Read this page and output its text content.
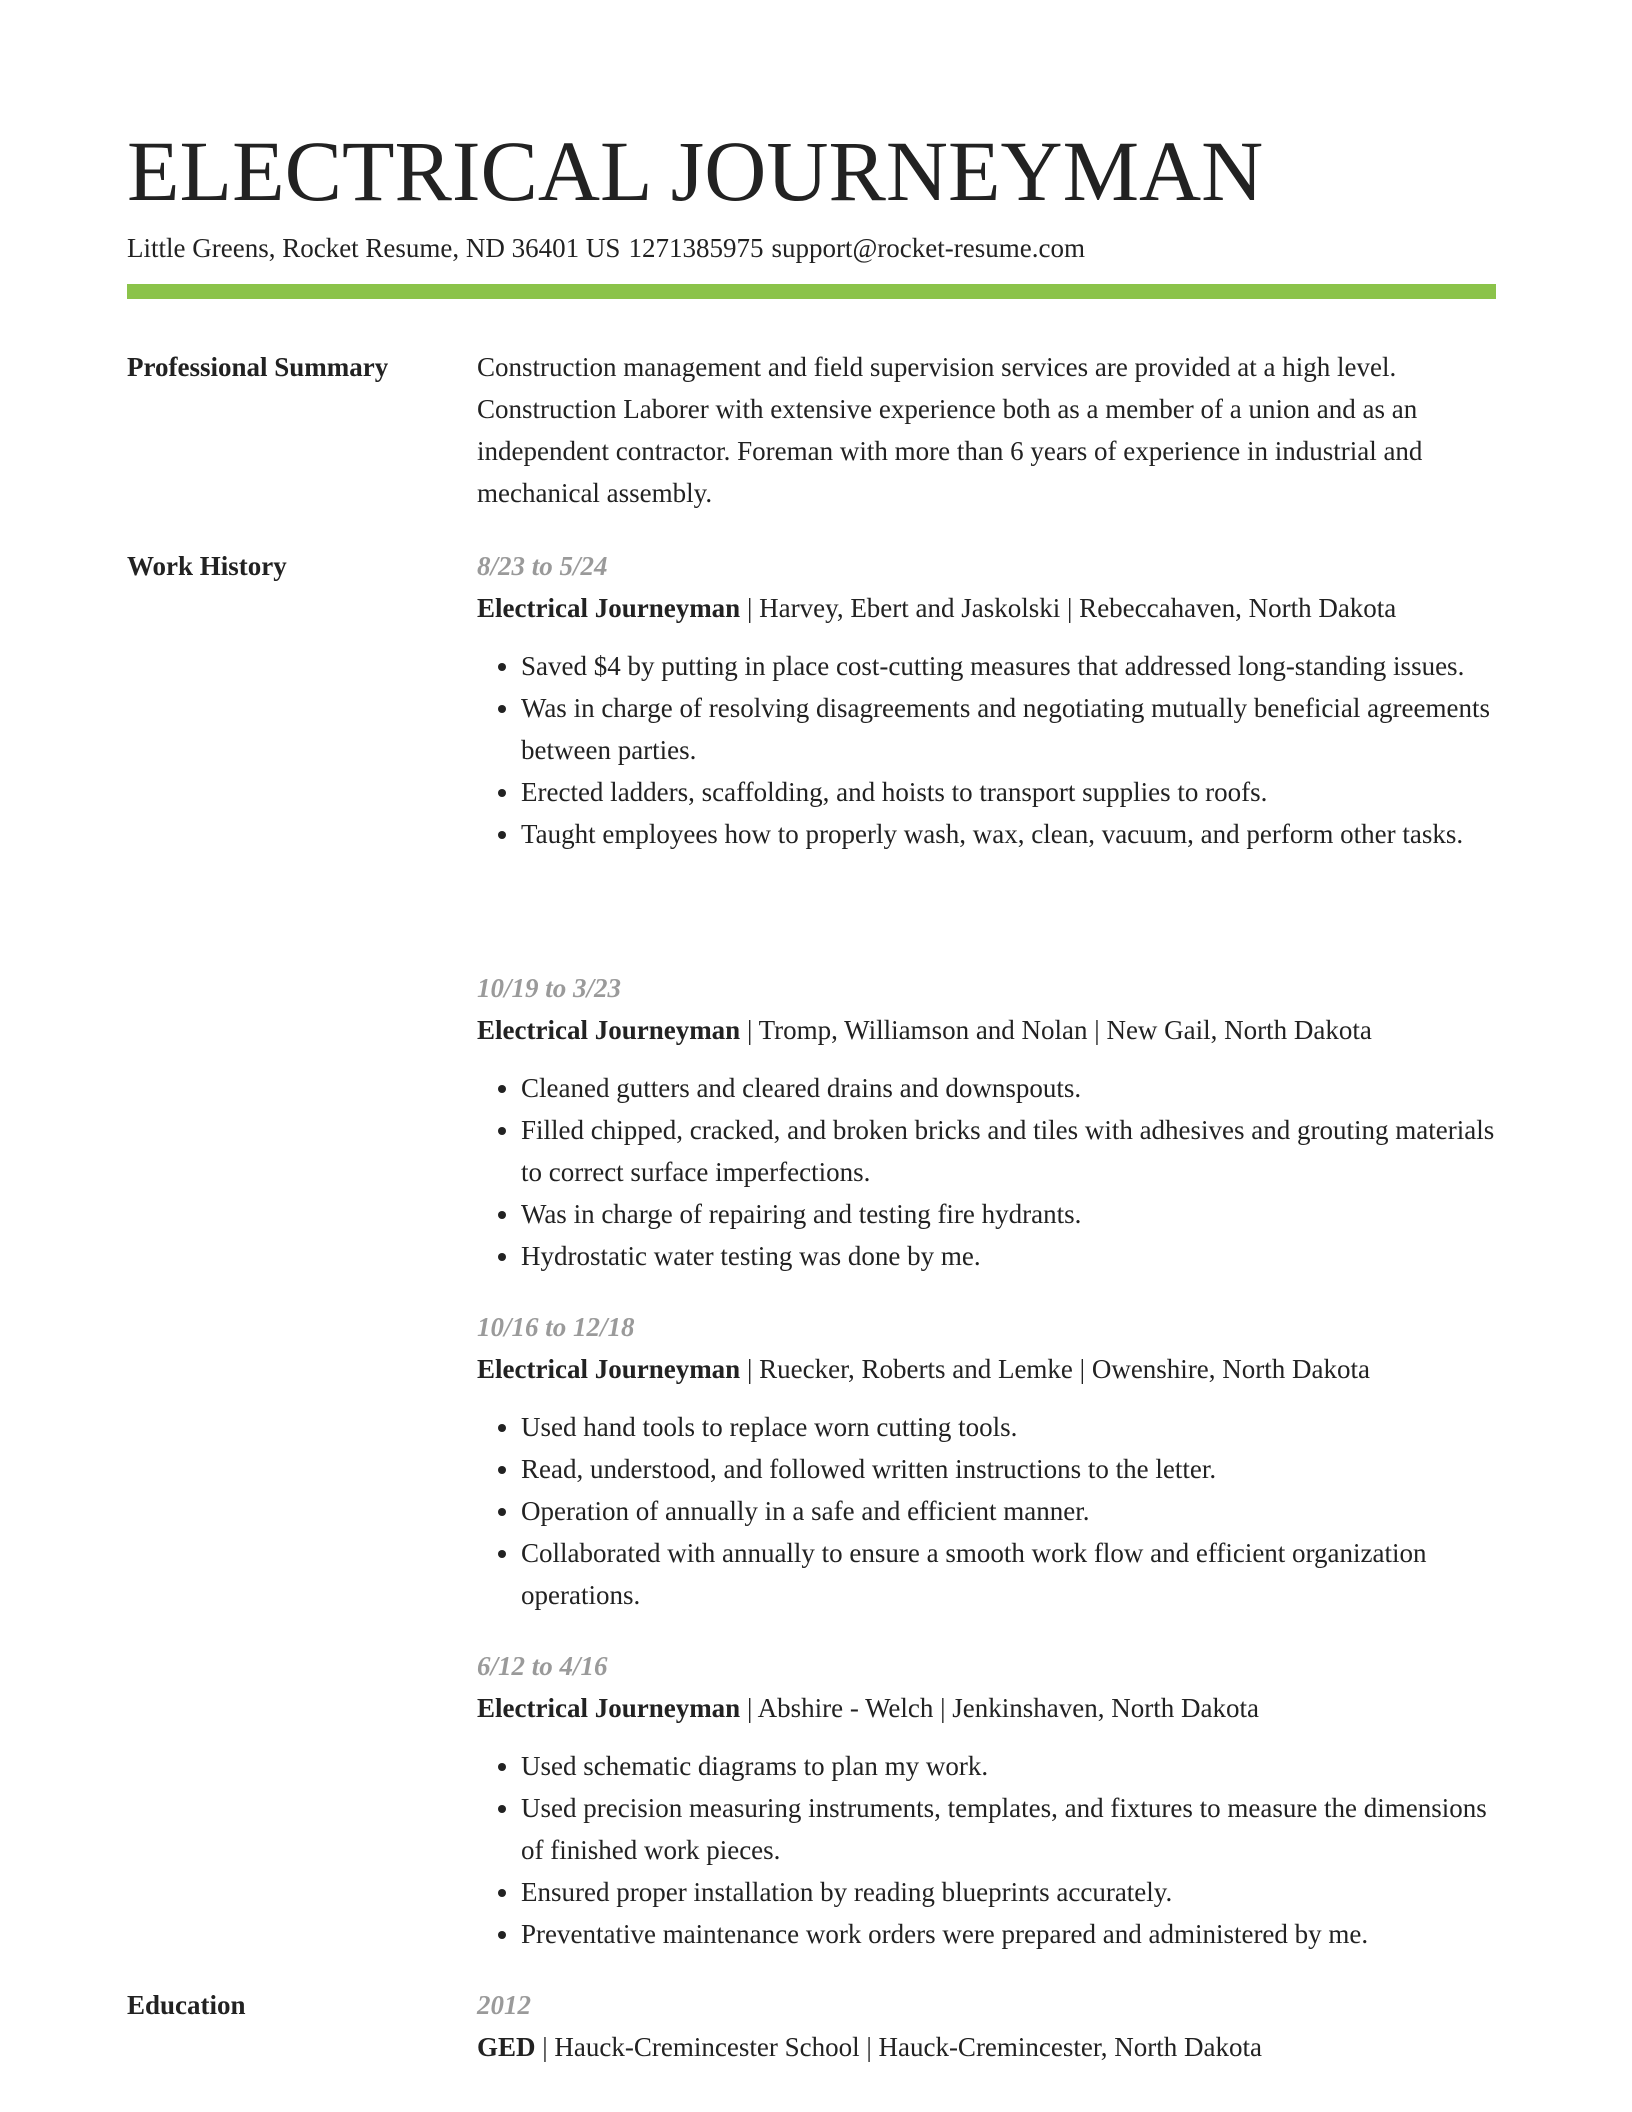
ELECTRICAL JOURNEYMAN
Little Greens, Rocket Resume, ND 36401 US 1271385975 support@rocket-resume.com
Professional Summary	Construction management and field supervision services are provided at a high level. Construction Laborer with extensive experience both as a member of a union and as an independent contractor. Foreman with more than 6 years of experience in industrial and mechanical assembly.

Work History	8/23 to 5/24
Electrical Journeyman | Harvey, Ebert and Jaskolski | Rebeccahaven, North Dakota
• Saved $4 by putting in place cost-cutting measures that addressed long-standing issues.
• Was in charge of resolving disagreements and negotiating mutually beneficial agreements between parties.
• Erected ladders, scaffolding, and hoists to transport supplies to roofs.
• Taught employees how to properly wash, wax, clean, vacuum, and perform other tasks.
10/19 to 3/23
Electrical Journeyman | Tromp, Williamson and Nolan | New Gail, North Dakota
• Cleaned gutters and cleared drains and downspouts.
• Filled chipped, cracked, and broken bricks and tiles with adhesives and grouting materials to correct surface imperfections.
• Was in charge of repairing and testing fire hydrants.
• Hydrostatic water testing was done by me.
10/16 to 12/18
Electrical Journeyman | Ruecker, Roberts and Lemke | Owenshire, North Dakota
• Used hand tools to replace worn cutting tools.
• Read, understood, and followed written instructions to the letter.
• Operation of annually in a safe and efficient manner.
• Collaborated with annually to ensure a smooth work flow and efficient organization operations.
6/12 to 4/16
Electrical Journeyman | Abshire - Welch | Jenkinshaven, North Dakota
• Used schematic diagrams to plan my work.
• Used precision measuring instruments, templates, and fixtures to measure the dimensions of finished work pieces.
• Ensured proper installation by reading blueprints accurately.
• Preventative maintenance work orders were prepared and administered by me.
Education	2012
GED | Hauck-Cremincester School | Hauck-Cremincester, North Dakota
